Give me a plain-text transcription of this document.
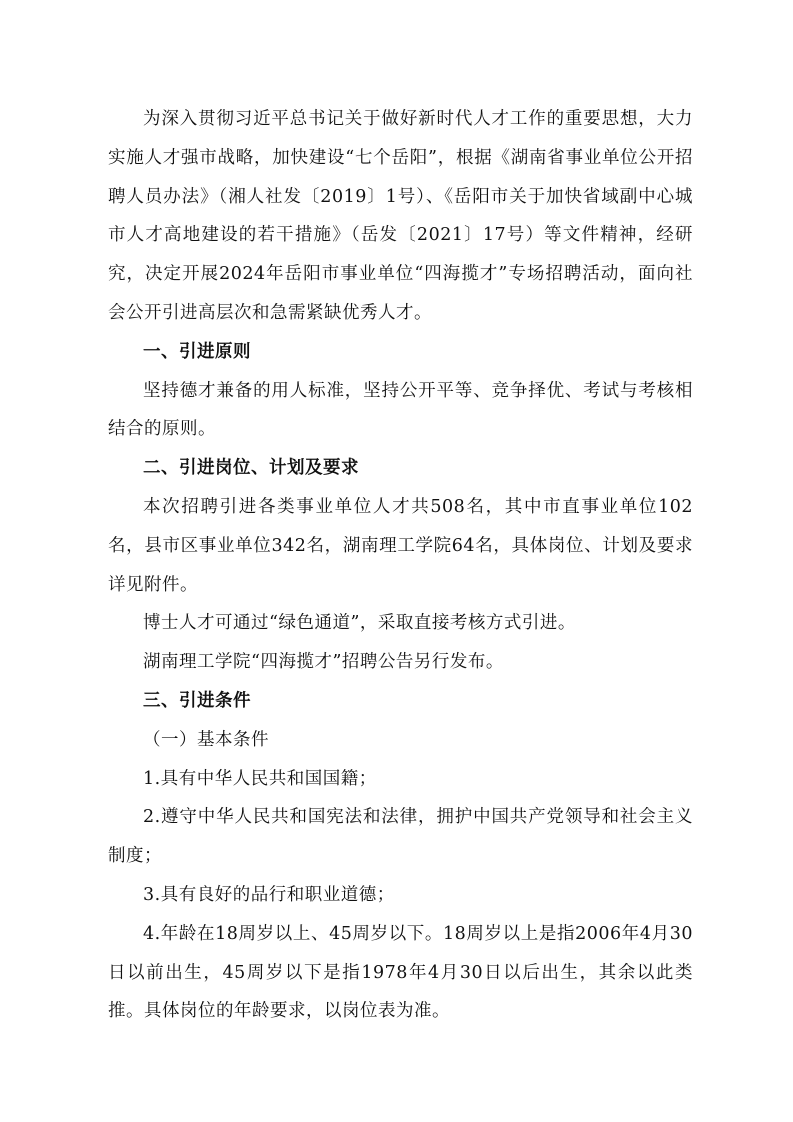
为深入贯彻习近平总书记关于做好新时代人才工作的重要思想，大力实施人才强市战略，加快建设“七个岳阳”，根据《湖南省事业单位公开招聘人员办法》（湘人社发〔2019〕1号）、《岳阳市关于加快省域副中心城市人才高地建设的若干措施》（岳发〔2021〕17号）等文件精神，经研究，决定开展2024年岳阳市事业单位“四海揽才”专场招聘活动，面向社会公开引进高层次和急需紧缺优秀人才。

一、引进原则

坚持德才兼备的用人标准，坚持公开平等、竞争择优、考试与考核相结合的原则。

二、引进岗位、计划及要求

本次招聘引进各类事业单位人才共508名，其中市直事业单位102名，县市区事业单位342名，湖南理工学院64名，具体岗位、计划及要求详见附件。

博士人才可通过“绿色通道”，采取直接考核方式引进。

湖南理工学院“四海揽才”招聘公告另行发布。

三、引进条件

（一）基本条件

1.具有中华人民共和国国籍；

2.遵守中华人民共和国宪法和法律，拥护中国共产党领导和社会主义制度；

3.具有良好的品行和职业道德；

4.年龄在18周岁以上、45周岁以下。18周岁以上是指2006年4月30日以前出生，45周岁以下是指1978年4月30日以后出生，其余以此类推。具体岗位的年龄要求，以岗位表为准。
